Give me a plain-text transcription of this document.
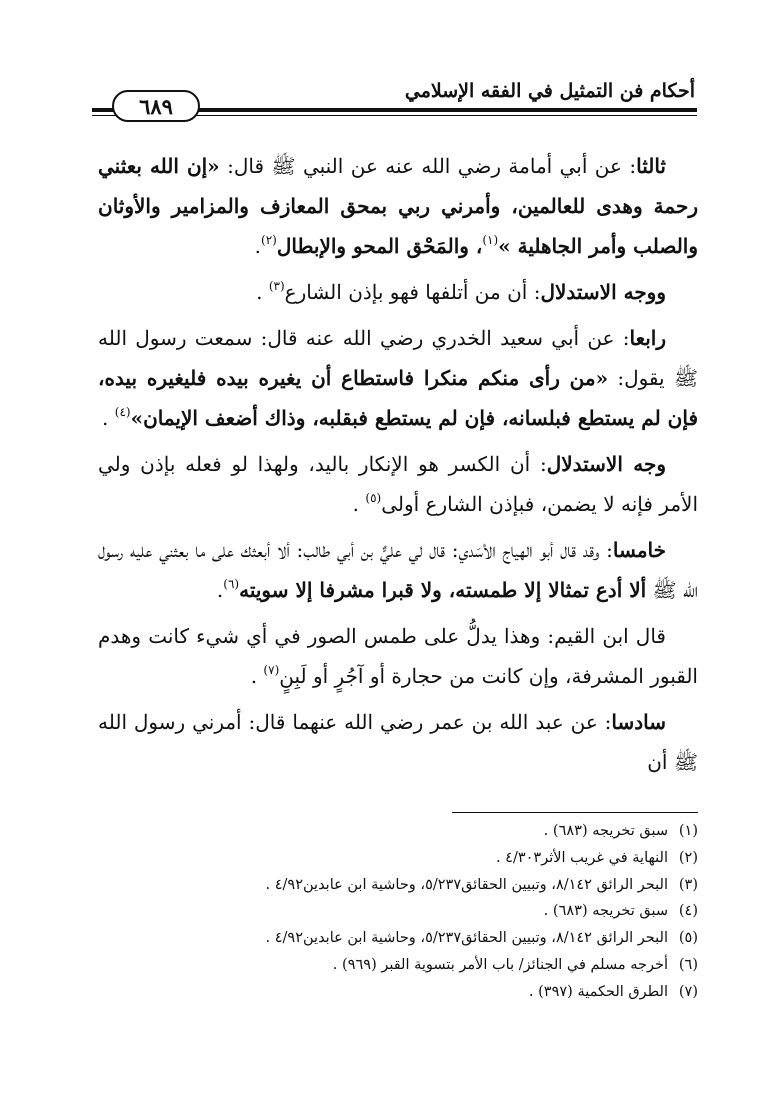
أحكام فن التمثيل في الفقه الإسلامي
٦٨٩

ثالثا: عن أبي أمامة رضي الله عنه عن النبي ﷺ قال: «إن الله بعثني رحمة وهدى للعالمين، وأمرني ربي بمحق المعازف والمزامير والأوثان والصلب وأمر الجاهلية »$^{(١)}$، والمَحْق المحو والإبطال$^{(٢)}$.

ووجه الاستدلال: أن من أتلفها فهو بإذن الشارع$^{(٣)}$ .

رابعا: عن أبي سعيد الخدري رضي الله عنه قال: سمعت رسول الله ﷺ يقول: «من رأى منكم منكرا فاستطاع أن يغيره بيده فليغيره بيده، فإن لم يستطع فبلسانه، فإن لم يستطع فبقلبه، وذاك أضعف الإيمان»$^{(٤)}$ .

وجه الاستدلال: أن الكسر هو الإنكار باليد، ولهذا لو فعله بإذن ولي الأمر فإنه لا يضمن، فبإذن الشارع أولى$^{(٥)}$ .

خامسا: وقد قال أبو الهياج الأسَدي: قال لي عليٌّ بن أبي طالب: ألا أبعثك على ما بعثني عليه رسول الله ﷺ ألا أدع تمثالا إلا طمسته، ولا قبرا مشرفا إلا سويته$^{(٦)}$.

قال ابن القيم: وهذا يدلُّ على طمس الصور في أي شيء كانت وهدم القبور المشرفة، وإن كانت من حجارة أو آجُرٍ أو لَبِنٍ$^{(٧)}$ .

سادسا: عن عبد الله بن عمر رضي الله عنهما قال: أمرني رسول الله ﷺ أن

(١)سبق تخريجه (٦٨٣) .
(٢)النهاية في غريب الأثر٤/٣٠٣ .
(٣)البحر الرائق ٨/١٤٢، وتبيين الحقائق٥/٢٣٧، وحاشية ابن عابدين٤/٩٢ .
(٤)سبق تخريجه (٦٨٣) .
(٥)البحر الرائق ٨/١٤٢، وتبيين الحقائق٥/٢٣٧، وحاشية ابن عابدين٤/٩٢ .
(٦)أخرجه مسلم في الجنائز/ باب الأمر بتسوية القبر (٩٦٩) .
(٧)الطرق الحكمية (٣٩٧) .
